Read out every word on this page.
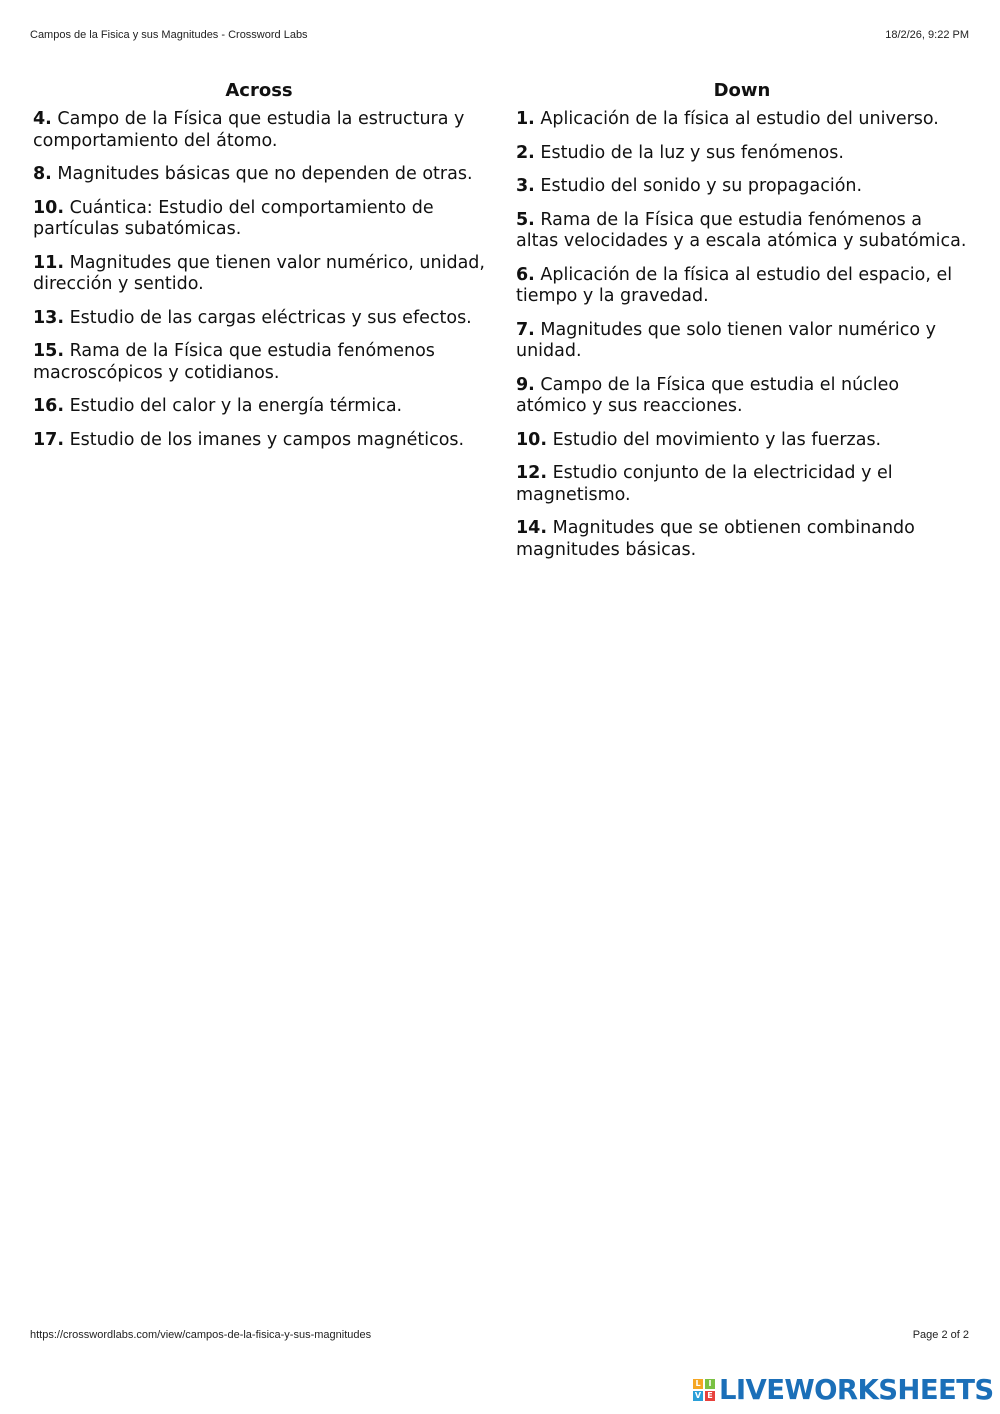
Campos de la Fisica y sus Magnitudes - Crossword Labs	18/2/26, 9:22 PM
Across

4. Campo de la Física que estudia la estructura y comportamiento del átomo.

8. Magnitudes básicas que no dependen de otras.

10. Cuántica: Estudio del comportamiento de partículas subatómicas.

11. Magnitudes que tienen valor numérico, unidad, dirección y sentido.

13. Estudio de las cargas eléctricas y sus efectos.

15. Rama de la Física que estudia fenómenos macroscópicos y cotidianos.

16. Estudio del calor y la energía térmica.

17. Estudio de los imanes y campos magnéticos.

Down

1. Aplicación de la física al estudio del universo.

2. Estudio de la luz y sus fenómenos.

3. Estudio del sonido y su propagación.

5. Rama de la Física que estudia fenómenos a altas velocidades y a escala atómica y subatómica.

6. Aplicación de la física al estudio del espacio, el tiempo y la gravedad.

7. Magnitudes que solo tienen valor numérico y unidad.

9. Campo de la Física que estudia el núcleo atómico y sus reacciones.

10. Estudio del movimiento y las fuerzas.

12. Estudio conjunto de la electricidad y el magnetismo.

14. Magnitudes que se obtienen combinando magnitudes básicas.

https://crosswordlabs.com/view/campos-de-la-fisica-y-sus-magnitudes	Page 2 of 2
L I
V E LIVEWORKSHEETS
